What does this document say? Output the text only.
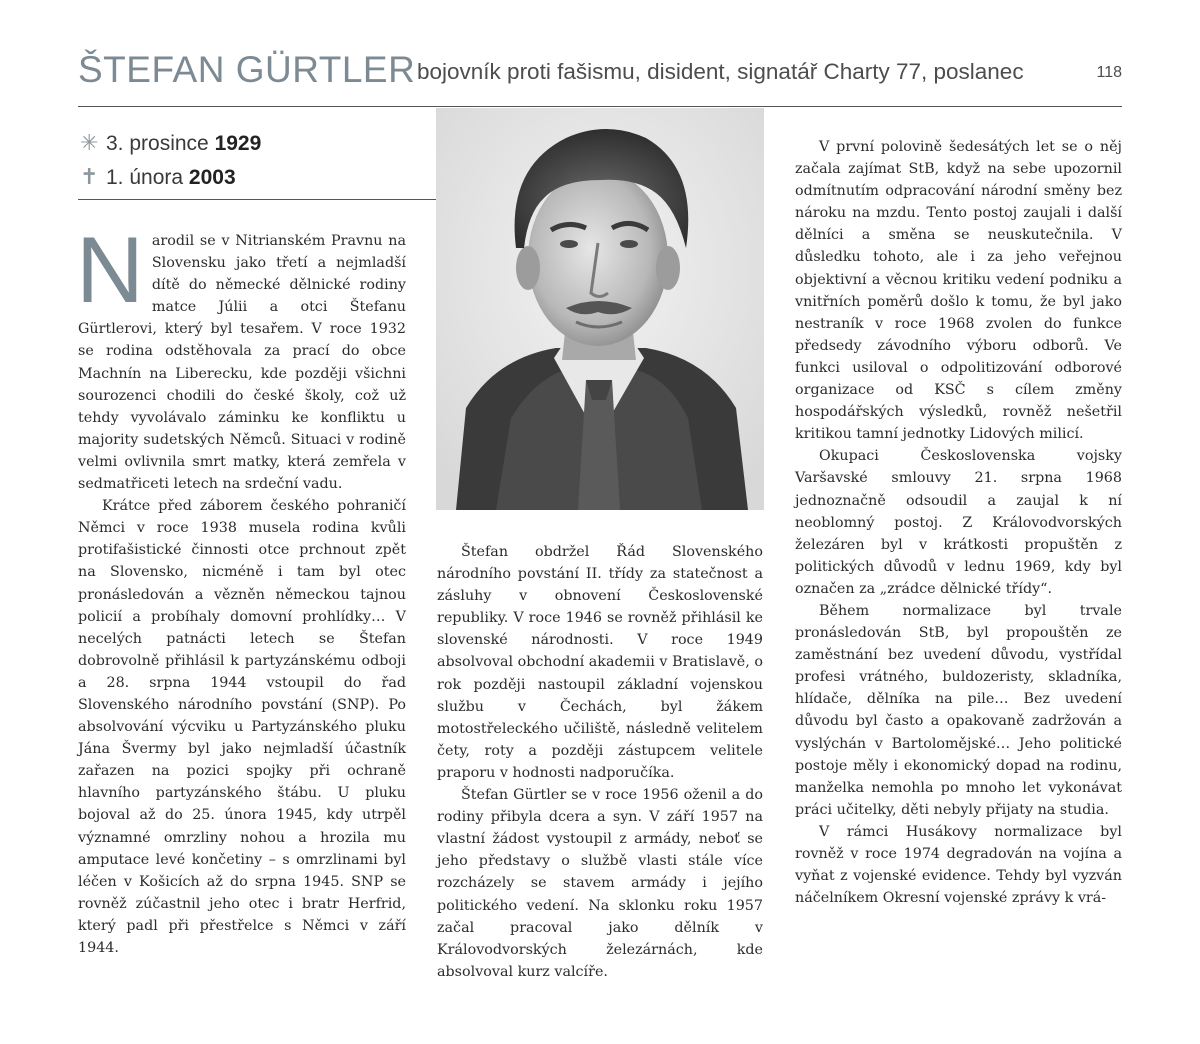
ŠTEFAN GÜRTLER bojovník proti fašismu, disident, signatář Charty 77, poslanec	118
✳ 3. prosince 1929
✝ 1. února 2003

Narodil se v Nitrianském Pravnu na Slovensku jako třetí a nejmladší dítě do německé dělnické rodiny matce Júlii a otci Štefanu Gürtlerovi, který byl tesařem. V roce 1932 se rodina odstěhovala za prací do obce Machnín na Liberecku, kde později všichni sourozenci chodili do české školy, což už tehdy vyvolávalo záminku ke konfliktu u majority sudetských Němců. Situaci v rodině velmi ovlivnila smrt matky, která zemřela v sedmatřiceti letech na srdeční vadu.

Krátce před záborem českého pohraničí Němci v roce 1938 musela rodina kvůli protifašistické činnosti otce prchnout zpět na Slovensko, nicméně i tam byl otec pronásledován a vězněn německou tajnou policií a probíhaly domovní prohlídky… V necelých patnácti letech se Štefan dobrovolně přihlásil k partyzánskému odboji a 28. srpna 1944 vstoupil do řad Slovenského národního povstání (SNP). Po absolvování výcviku u Partyzánského pluku Jána Švermy byl jako nejmladší účastník zařazen na pozici spojky při ochraně hlavního partyzánského štábu. U pluku bojoval až do 25. února 1945, kdy utrpěl významné omrzliny nohou a hrozila mu amputace levé končetiny – s omrzlinami byl léčen v Košicích až do srpna 1945. SNP se rovněž zúčastnil jeho otec i bratr Herfrid, který padl při přestřelce s Němci v září 1944.

Štefan obdržel Řád Slovenského národního povstání II. třídy za statečnost a zásluhy v obnovení Československé republiky. V roce 1946 se rovněž přihlásil ke slovenské národnosti. V roce 1949 absolvoval obchodní akademii v Bratislavě, o rok později nastoupil základní vojenskou službu v Čechách, byl žákem motostřeleckého učiliště, následně velitelem čety, roty a později zástupcem velitele praporu v hodnosti nadporučíka.

Štefan Gürtler se v roce 1956 oženil a do rodiny přibyla dcera a syn. V září 1957 na vlastní žádost vystoupil z armády, neboť se jeho představy o službě vlasti stále více rozcházely se stavem armády i jejího politického vedení. Na sklonku roku 1957 začal pracoval jako dělník v Královodvorských železárnách, kde absolvoval kurz valcíře.

V první polovině šedesátých let se o něj začala zajímat StB, když na sebe upozornil odmítnutím odpracování národní směny bez nároku na mzdu. Tento postoj zaujali i další dělníci a směna se neuskutečnila. V důsledku tohoto, ale i za jeho veřejnou objektivní a věcnou kritiku vedení podniku a vnitřních poměrů došlo k tomu, že byl jako nestraník v roce 1968 zvolen do funkce předsedy závodního výboru odborů. Ve funkci usiloval o odpolitizování odborové organizace od KSČ s cílem změny hospodářských výsledků, rovněž nešetřil kritikou tamní jednotky Lidových milicí.

Okupaci Československa vojsky Varšavské smlouvy 21. srpna 1968 jednoznačně odsoudil a zaujal k ní neoblomný postoj. Z Královodvorských železáren byl v krátkosti propuštěn z politických důvodů v lednu 1969, kdy byl označen za „zrádce dělnické třídy“.

Během normalizace byl trvale pronásledován StB, byl propouštěn ze zaměstnání bez uvedení důvodu, vystřídal profesi vrátného, buldozeristy, skladníka, hlídače, dělníka na pile… Bez uvedení důvodu byl často a opakovaně zadržován a vyslýchán v Bartolomějské… Jeho politické postoje měly i ekonomický dopad na rodinu, manželka nemohla po mnoho let vykonávat práci učitelky, děti nebyly přijaty na studia.

V rámci Husákovy normalizace byl rovněž v roce 1974 degradován na vojína a vyňat z vojenské evidence. Tehdy byl vyzván náčelníkem Okresní vojenské zprávy k vrá-
